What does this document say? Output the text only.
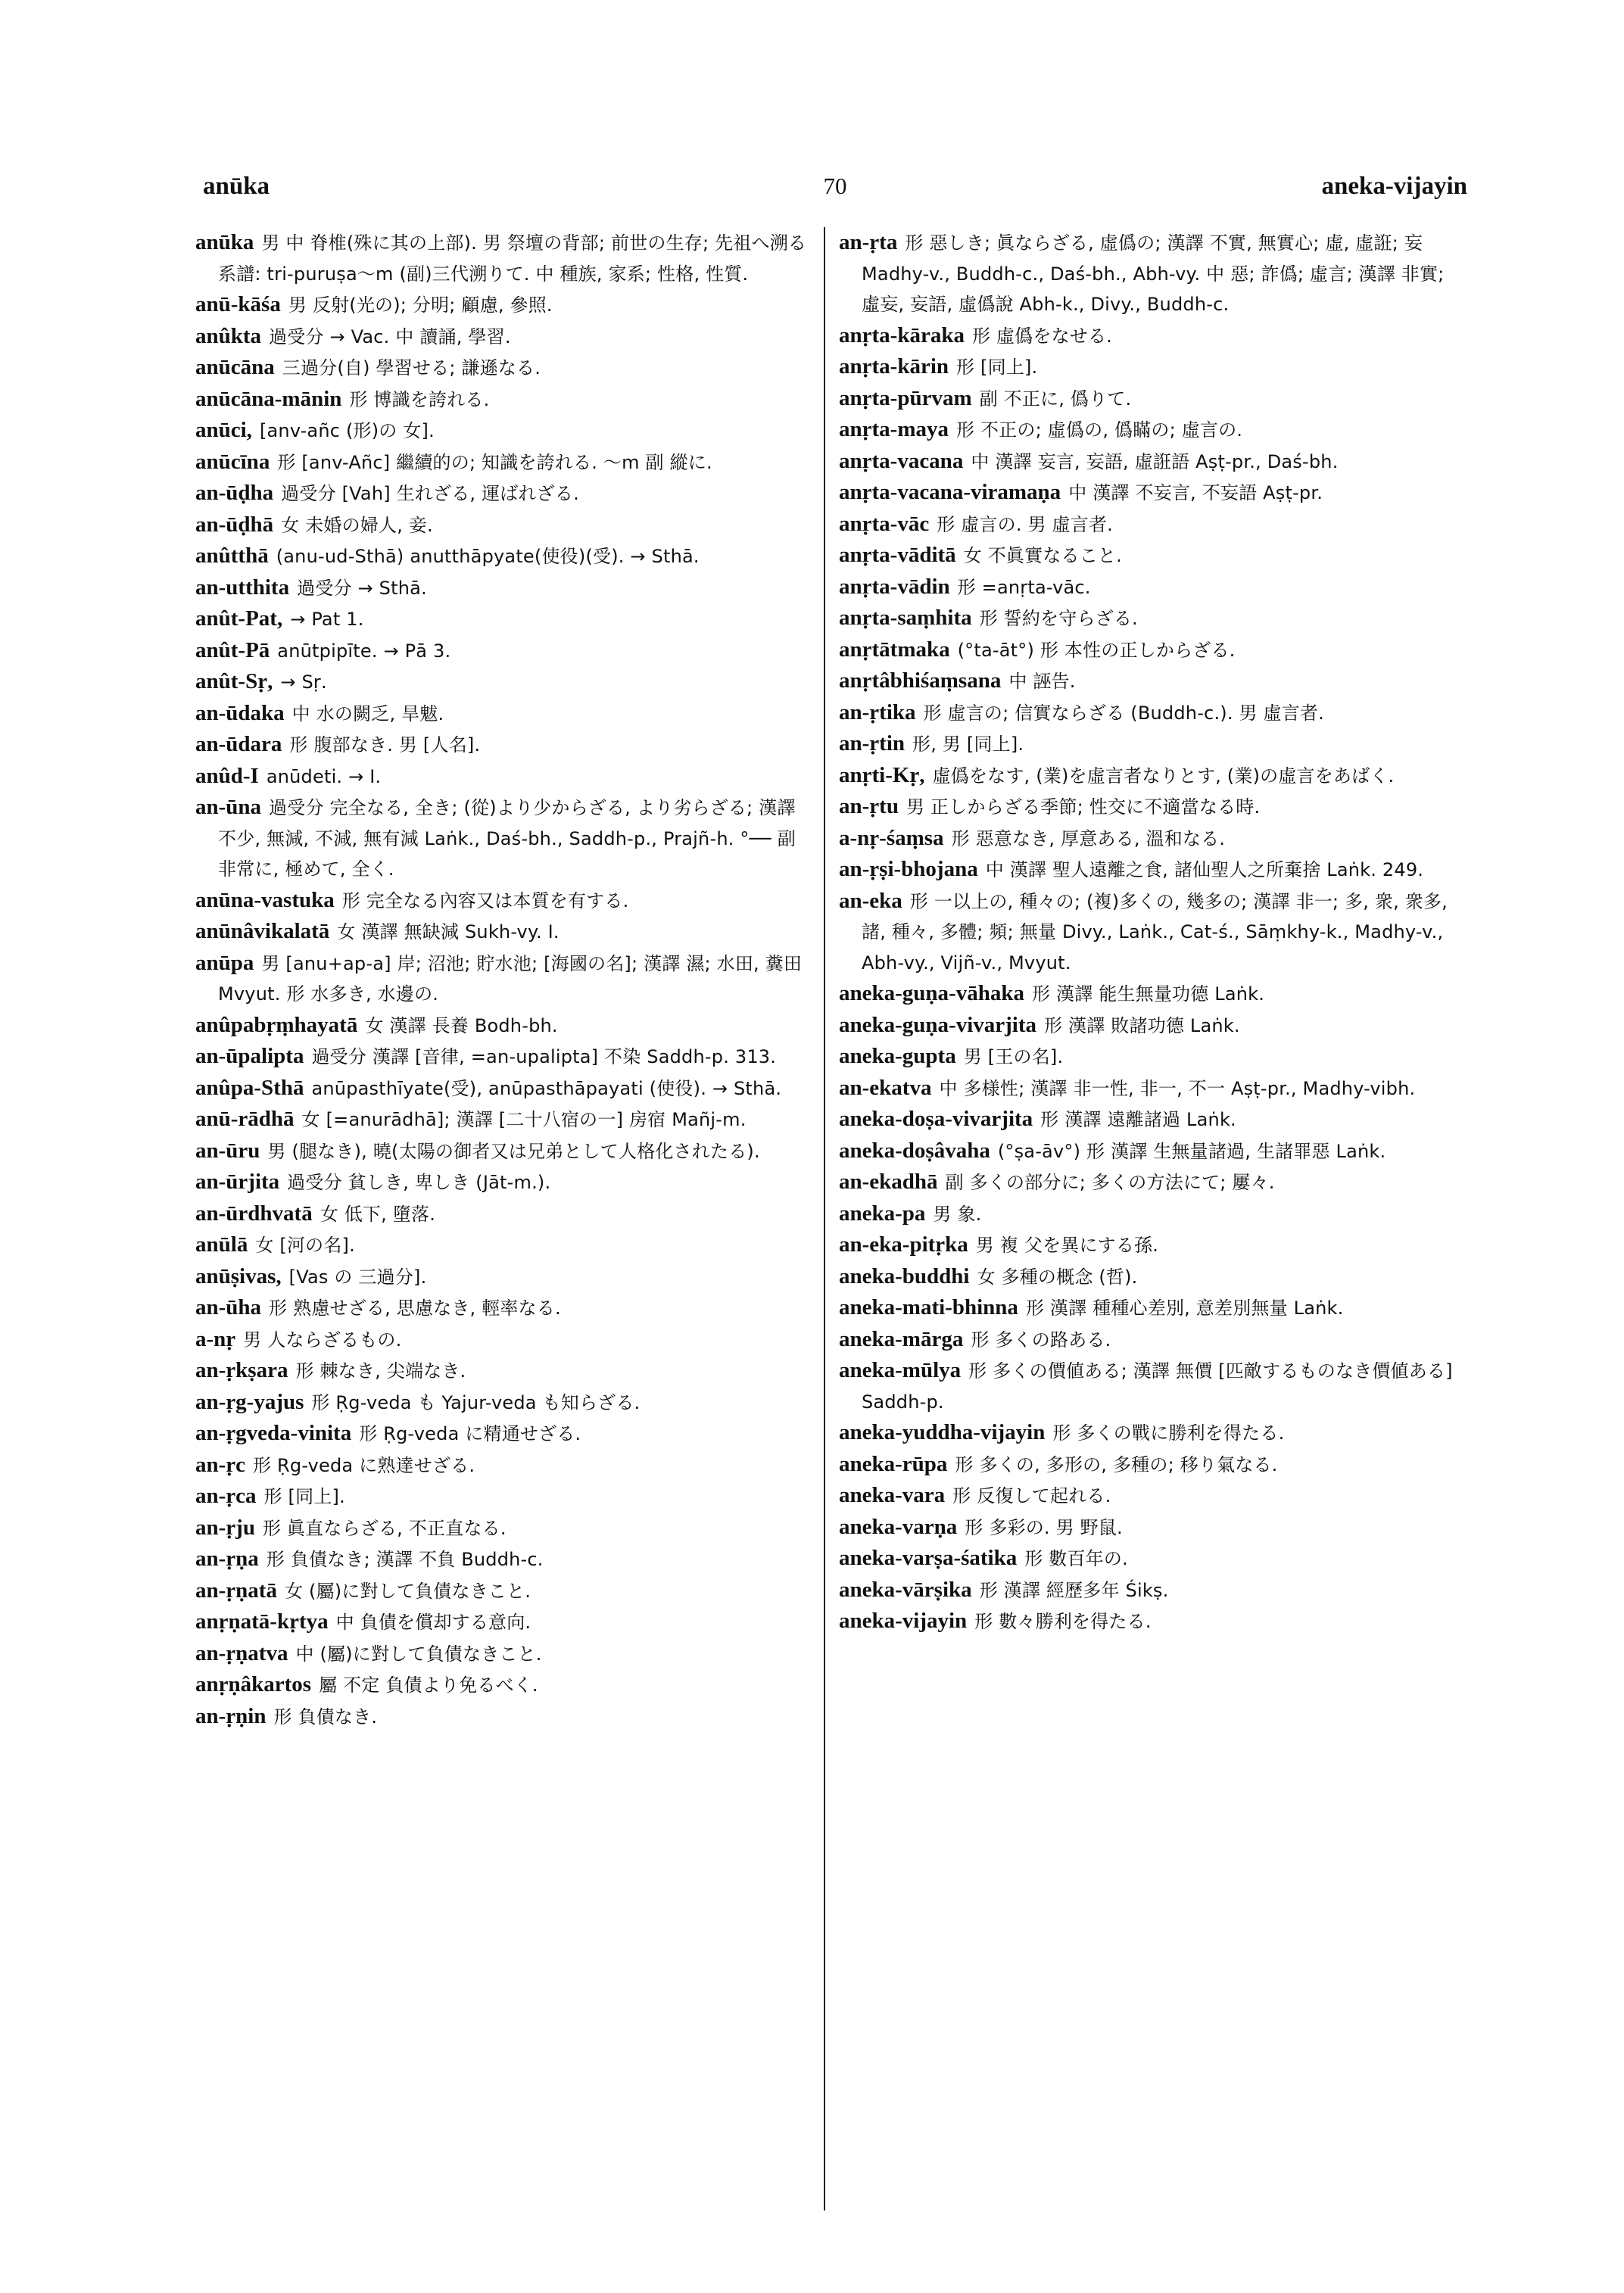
anūka	70	aneka-vijayin

anūka 男 中 脊椎(殊に其の上部). 男 祭壇の背部; 前世の生存; 先祖へ溯る系譜: tri-puruṣa〜m (副)三代溯りて. 中 種族, 家系; 性格, 性質.

anū-kāśa 男 反射(光の); 分明; 顧慮, 參照.

anûkta 過受分 → Vac. 中 讀誦, 學習.

anūcāna 三過分(自) 學習せる; 謙遜なる.

anūcāna-mānin 形 博識を誇れる.

anūci, [anv-añc (形)の 女].

anūcīna 形 [anv-Añc] 繼續的の; 知識を誇れる. 〜m 副 縱に.

an-ūḍha 過受分 [Vah] 生れざる, 運ばれざる.

an-ūḍhā 女 未婚の婦人, 妾.

anûtthā (anu-ud-Sthā) anutthāpyate(使役)(受). → Sthā.

an-utthita 過受分 → Sthā.

anût-Pat, → Pat 1.

anût-Pā anūtpipīte. → Pā 3.

anût-Sṛ, → Sṛ.

an-ūdaka 中 水の闕乏, 旱魃.

an-ūdara 形 腹部なき. 男 [人名].

anûd-I anūdeti. → I.

an-ūna 過受分 完全なる, 全き; (從)より少からざる, より劣らざる; 漢譯 不少, 無減, 不減, 無有減 Laṅk., Daś-bh., Saddh-p., Prajñ-h. °── 副 非常に, 極めて, 全く.

anūna-vastuka 形 完全なる內容又は本質を有する.

anūnâvikalatā 女 漢譯 無缺減 Sukh-vy. I.

anūpa 男 [anu+ap-a] 岸; 沼池; 貯水池; [海國の名]; 漢譯 濕; 水田, 糞田 Mvyut. 形 水多き, 水邊の.

anûpabṛṃhayatā 女 漢譯 長養 Bodh-bh.

an-ūpalipta 過受分 漢譯 [音律, =an-upalipta] 不染 Saddh-p. 313.

anûpa-Sthā anūpasthīyate(受), anūpasthāpayati (使役). → Sthā.

anū-rādhā 女 [=anurādhā]; 漢譯 [二十八宿の一] 房宿 Mañj-m.

an-ūru 男 (腿なき), 曉(太陽の御者又は兄弟として人格化されたる).

an-ūrjita 過受分 貧しき, 卑しき (Jāt-m.).

an-ūrdhvatā 女 低下, 墮落.

anūlā 女 [河の名].

anūṣivas, [Vas の 三過分].

an-ūha 形 熟慮せざる, 思慮なき, 輕率なる.

a-nṛ 男 人ならざるもの.

an-ṛkṣara 形 棘なき, 尖端なき.

an-ṛg-yajus 形 Ṛg-veda も Yajur-veda も知らざる.

an-ṛgveda-vinita 形 Ṛg-veda に精通せざる.

an-ṛc 形 Ṛg-veda に熟達せざる.

an-ṛca 形 [同上].

an-ṛju 形 眞直ならざる, 不正直なる.

an-ṛṇa 形 負債なき; 漢譯 不負 Buddh-c.

an-ṛṇatā 女 (屬)に對して負債なきこと.

anṛṇatā-kṛtya 中 負債を償却する意向.

an-ṛṇatva 中 (屬)に對して負債なきこと.

anṛṇâkartos 屬 不定 負債より免るべく.

an-ṛṇin 形 負債なき.

an-ṛta 形 惡しき; 眞ならざる, 虛僞の; 漢譯 不實, 無實心; 虛, 虛誑; 妄 Madhy-v., Buddh-c., Daś-bh., Abh-vy. 中 惡; 詐僞; 虛言; 漢譯 非實; 虛妄, 妄語, 虛僞說 Abh-k., Divy., Buddh-c.

anṛta-kāraka 形 虛僞をなせる.

anṛta-kārin 形 [同上].

anṛta-pūrvam 副 不正に, 僞りて.

anṛta-maya 形 不正の; 虛僞の, 僞瞞の; 虛言の.

anṛta-vacana 中 漢譯 妄言, 妄語, 虛誑語 Aṣṭ-pr., Daś-bh.

anṛta-vacana-viramaṇa 中 漢譯 不妄言, 不妄語 Aṣṭ-pr.

anṛta-vāc 形 虛言の. 男 虛言者.

anṛta-vāditā 女 不眞實なること.

anṛta-vādin 形 =anṛta-vāc.

anṛta-saṃhita 形 誓約を守らざる.

anṛtātmaka (°ta-āt°) 形 本性の正しからざる.

anṛtâbhiśaṃsana 中 誣告.

an-ṛtika 形 虛言の; 信實ならざる (Buddh-c.). 男 虛言者.

an-ṛtin 形, 男 [同上].

anṛti-Kṛ, 虛僞をなす, (業)を虛言者なりとす, (業)の虛言をあばく.

an-ṛtu 男 正しからざる季節; 性交に不適當なる時.

a-nṛ-śaṃsa 形 惡意なき, 厚意ある, 溫和なる.

an-ṛṣi-bhojana 中 漢譯 聖人遠離之食, 諸仙聖人之所棄捨 Laṅk. 249.

an-eka 形 一以上の, 種々の; (複)多くの, 幾多の; 漢譯 非一; 多, 衆, 衆多, 諸, 種々, 多體; 頻; 無量 Divy., Laṅk., Cat-ś., Sāṃkhy-k., Madhy-v., Abh-vy., Vijñ-v., Mvyut.

aneka-guṇa-vāhaka 形 漢譯 能生無量功德 Laṅk.

aneka-guṇa-vivarjita 形 漢譯 敗諸功德 Laṅk.

aneka-gupta 男 [王の名].

an-ekatva 中 多様性; 漢譯 非一性, 非一, 不一 Aṣṭ-pr., Madhy-vibh.

aneka-doṣa-vivarjita 形 漢譯 遠離諸過 Laṅk.

aneka-doṣâvaha (°ṣa-āv°) 形 漢譯 生無量諸過, 生諸罪惡 Laṅk.

an-ekadhā 副 多くの部分に; 多くの方法にて; 屢々.

aneka-pa 男 象.

an-eka-pitṛka 男 複 父を異にする孫.

aneka-buddhi 女 多種の概念 (哲).

aneka-mati-bhinna 形 漢譯 種種心差別, 意差別無量 Laṅk.

aneka-mārga 形 多くの路ある.

aneka-mūlya 形 多くの價値ある; 漢譯 無價 [匹敵するものなき價値ある] Saddh-p.

aneka-yuddha-vijayin 形 多くの戰に勝利を得たる.

aneka-rūpa 形 多くの, 多形の, 多種の; 移り氣なる.

aneka-vara 形 反復して起れる.

aneka-varṇa 形 多彩の. 男 野鼠.

aneka-varṣa-śatika 形 數百年の.

aneka-vārṣika 形 漢譯 經歷多年 Śikṣ.

aneka-vijayin 形 數々勝利を得たる.
